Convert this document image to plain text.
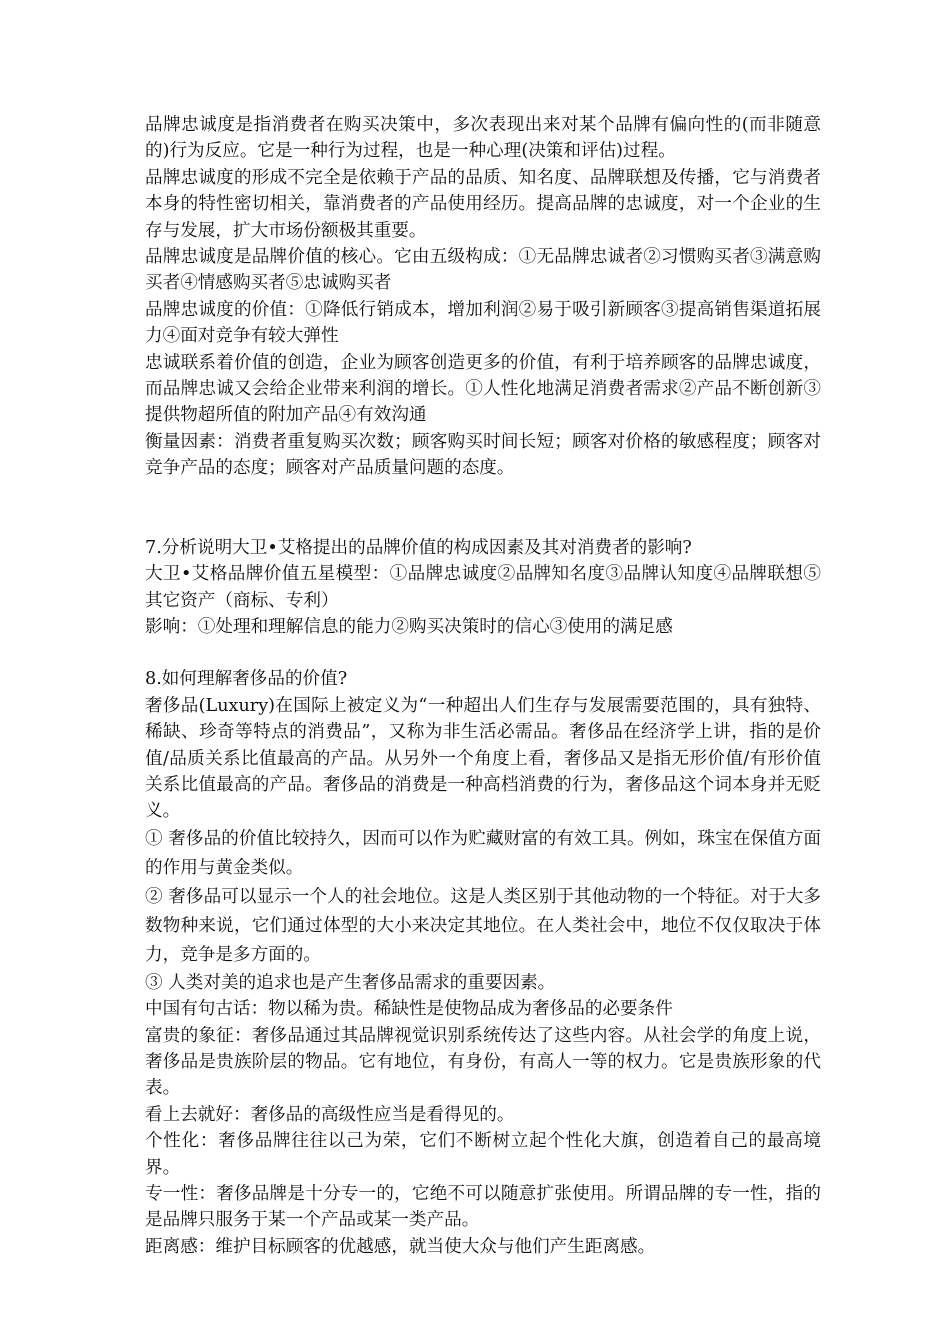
品牌忠诚度是指消费者在购买决策中，多次表现出来对某个品牌有偏向性的(而非随意的)行为反应。它是一种行为过程，也是一种心理(决策和评估)过程。

品牌忠诚度的形成不完全是依赖于产品的品质、知名度、品牌联想及传播，它与消费者本身的特性密切相关，靠消费者的产品使用经历。提高品牌的忠诚度，对一个企业的生存与发展，扩大市场份额极其重要。

品牌忠诚度是品牌价值的核心。它由五级构成：①无品牌忠诚者②习惯购买者③满意购买者④情感购买者⑤忠诚购买者

品牌忠诚度的价值：①降低行销成本，增加利润②易于吸引新顾客③提高销售渠道拓展力④面对竞争有较大弹性

忠诚联系着价值的创造，企业为顾客创造更多的价值，有利于培养顾客的品牌忠诚度，而品牌忠诚又会给企业带来利润的增长。①人性化地满足消费者需求②产品不断创新③提供物超所值的附加产品④有效沟通

衡量因素：消费者重复购买次数；顾客购买时间长短；顾客对价格的敏感程度；顾客对竞争产品的态度；顾客对产品质量问题的态度。

7.分析说明大卫•艾格提出的品牌价值的构成因素及其对消费者的影响?

大卫•艾格品牌价值五星模型：①品牌忠诚度②品牌知名度③品牌认知度④品牌联想⑤其它资产（商标、专利）

影响：①处理和理解信息的能力②购买决策时的信心③使用的满足感

8.如何理解奢侈品的价值?

奢侈品(Luxury)在国际上被定义为“一种超出人们生存与发展需要范围的，具有独特、稀缺、珍奇等特点的消费品”，又称为非生活必需品。奢侈品在经济学上讲，指的是价值/品质关系比值最高的产品。从另外一个角度上看，奢侈品又是指无形价值/有形价值关系比值最高的产品。奢侈品的消费是一种高档消费的行为，奢侈品这个词本身并无贬义。

① 奢侈品的价值比较持久，因而可以作为贮藏财富的有效工具。例如，珠宝在保值方面的作用与黄金类似。

② 奢侈品可以显示一个人的社会地位。这是人类区别于其他动物的一个特征。对于大多数物种来说，它们通过体型的大小来决定其地位。在人类社会中，地位不仅仅取决于体力，竞争是多方面的。

③ 人类对美的追求也是产生奢侈品需求的重要因素。

中国有句古话：物以稀为贵。稀缺性是使物品成为奢侈品的必要条件

富贵的象征：奢侈品通过其品牌视觉识别系统传达了这些内容。从社会学的角度上说，奢侈品是贵族阶层的物品。它有地位，有身份，有高人一等的权力。它是贵族形象的代表。

看上去就好：奢侈品的高级性应当是看得见的。

个性化：奢侈品牌往往以己为荣，它们不断树立起个性化大旗，创造着自己的最高境界。

专一性：奢侈品牌是十分专一的，它绝不可以随意扩张使用。所谓品牌的专一性，指的是品牌只服务于某一个产品或某一类产品。

距离感：维护目标顾客的优越感，就当使大众与他们产生距离感。
